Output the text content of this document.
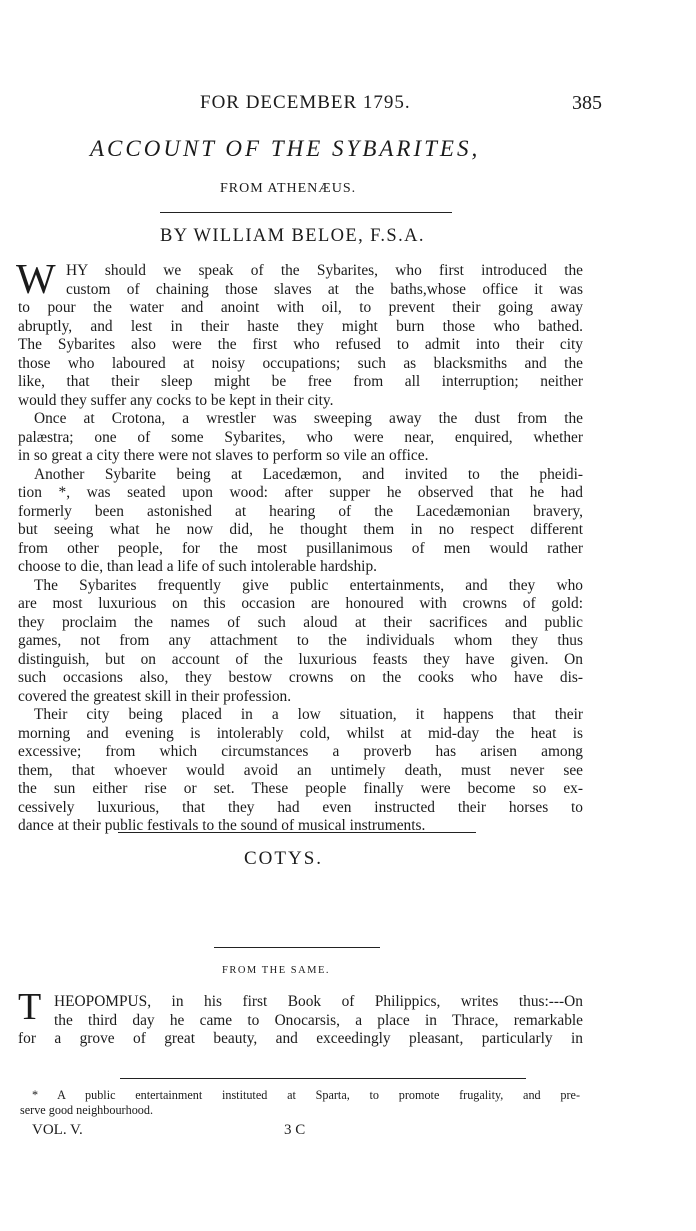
FOR DECEMBER 1795.	385
ACCOUNT OF THE SYBARITES,
FROM ATHENÆUS.
BY WILLIAM BELOE, F.S.A.
W HY should we speak of the Sybarites, who first introduced the
custom of chaining those slaves at the baths,whose office it was
to pour the water and anoint with oil, to prevent their going away
abruptly, and lest in their haste they might burn those who bathed.
The Sybarites also were the first who refused to admit into their city
those who laboured at noisy occupations; such as blacksmiths and the
like, that their sleep might be free from all interruption; neither
would they suffer any cocks to be kept in their city.
Once at Crotona, a wrestler was sweeping away the dust from the
palæstra; one of some Sybarites, who were near, enquired, whether
in so great a city there were not slaves to perform so vile an office.
Another Sybarite being at Lacedæmon, and invited to the pheidi-
tion *, was seated upon wood: after supper he observed that he had
formerly been astonished at hearing of the Lacedæmonian bravery,
but seeing what he now did, he thought them in no respect different
from other people, for the most pusillanimous of men would rather
choose to die, than lead a life of such intolerable hardship.
The Sybarites frequently give public entertainments, and they who
are most luxurious on this occasion are honoured with crowns of gold:
they proclaim the names of such aloud at their sacrifices and public
games, not from any attachment to the individuals whom they thus
distinguish, but on account of the luxurious feasts they have given. On
such occasions also, they bestow crowns on the cooks who have dis-
covered the greatest skill in their profession.
Their city being placed in a low situation, it happens that their
morning and evening is intolerably cold, whilst at mid-day the heat is
excessive; from which circumstances a proverb has arisen among
them, that whoever would avoid an untimely death, must never see
the sun either rise or set. These people finally were become so ex-
cessively luxurious, that they had even instructed their horses to
dance at their public festivals to the sound of musical instruments.
COTYS.
FROM THE SAME.
T HEOPOMPUS, in his first Book of Philippics, writes thus:---On
the third day he came to Onocarsis, a place in Thrace, remarkable
for a grove of great beauty, and exceedingly pleasant, particularly in
* A public entertainment instituted at Sparta, to promote frugality, and pre-
serve good neighbourhood.
VOL. V.	3 C
